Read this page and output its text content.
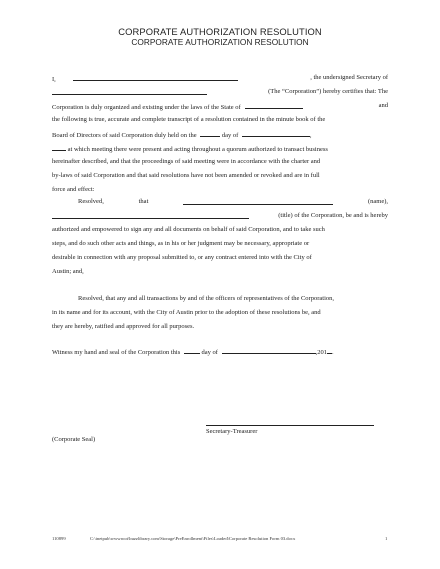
CORPORATE AUTHORIZATION RESOLUTION
CORPORATE AUTHORIZATION RESOLUTION
I,	, the undersigned Secretary of
(The “Corporation”) hereby certifies that: The
Corporation is duly organized and existing under the laws of the State of	and
the following is true, accurate and complete transcript of a resolution contained in the minute book of the
Board of Directors of said Corporation duly held on the	day of	,
at which meeting there were present and acting throughout a quorum authorized to transact business
hereinafter described, and that the proceedings of said meeting were in accordance with the charter and
by-laws of said Corporation and that said resolutions have not been amended or revoked and are in full
force and effect:
Resolved,	that	(name),
(title) of the Corporation, be and is hereby
authorized and empowered to sign any and all documents on behalf of said Corporation, and to take such
steps, and do such other acts and things, as in his or her judgment may be necessary, appropriate or
desirable in connection with any proposal submitted to, or any contract entered into with the City of
Austin; and,
Resolved, that any and all transactions by and of the officers of representatives of the Corporation,
in its name and for its account, with the City of Austin prior to the adoption of these resolutions be, and
they are hereby, ratified and approved for all purposes.
Witness my hand and seal of the Corporation this	day of	,201 .
Secretary-Treasurer
(Corporate Seal)
110899	C:\inetpub\wwwroot\buzzlibrary.com\Storage\PreEnrollment\Files\Loaded\Corporate Resolution Form 03.docx	1
